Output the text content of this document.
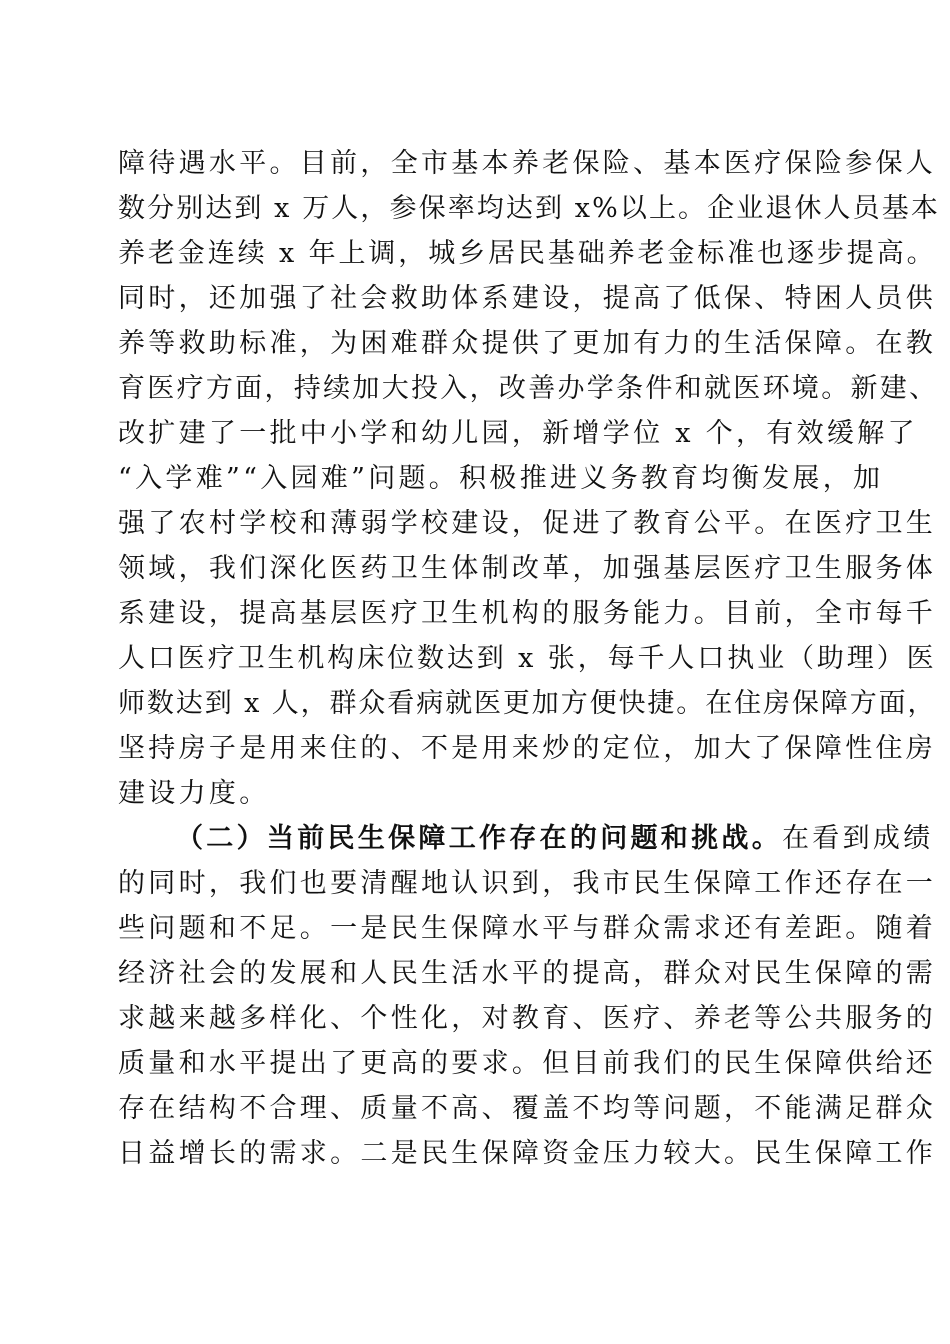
障待遇水平。目前，全市基本养老保险、基本医疗保险参保人
数分别达到 x 万人，参保率均达到 x%以上。企业退休人员基本
养老金连续 x 年上调，城乡居民基础养老金标准也逐步提高。
同时，还加强了社会救助体系建设，提高了低保、特困人员供
养等救助标准，为困难群众提供了更加有力的生活保障。在教
育医疗方面，持续加大投入，改善办学条件和就医环境。新建、
改扩建了一批中小学和幼儿园，新增学位 x 个，有效缓解了
“入学难”“入园难”问题。积极推进义务教育均衡发展，加
强了农村学校和薄弱学校建设，促进了教育公平。在医疗卫生
领域，我们深化医药卫生体制改革，加强基层医疗卫生服务体
系建设，提高基层医疗卫生机构的服务能力。目前，全市每千
人口医疗卫生机构床位数达到 x 张，每千人口执业（助理）医
师数达到 x 人，群众看病就医更加方便快捷。在住房保障方面，
坚持房子是用来住的、不是用来炒的定位，加大了保障性住房
建设力度。
（二）当前民生保障工作存在的问题和挑战。在看到成绩
的同时，我们也要清醒地认识到，我市民生保障工作还存在一
些问题和不足。一是民生保障水平与群众需求还有差距。随着
经济社会的发展和人民生活水平的提高，群众对民生保障的需
求越来越多样化、个性化，对教育、医疗、养老等公共服务的
质量和水平提出了更高的要求。但目前我们的民生保障供给还
存在结构不合理、质量不高、覆盖不均等问题，不能满足群众
日益增长的需求。二是民生保障资金压力较大。民生保障工作
